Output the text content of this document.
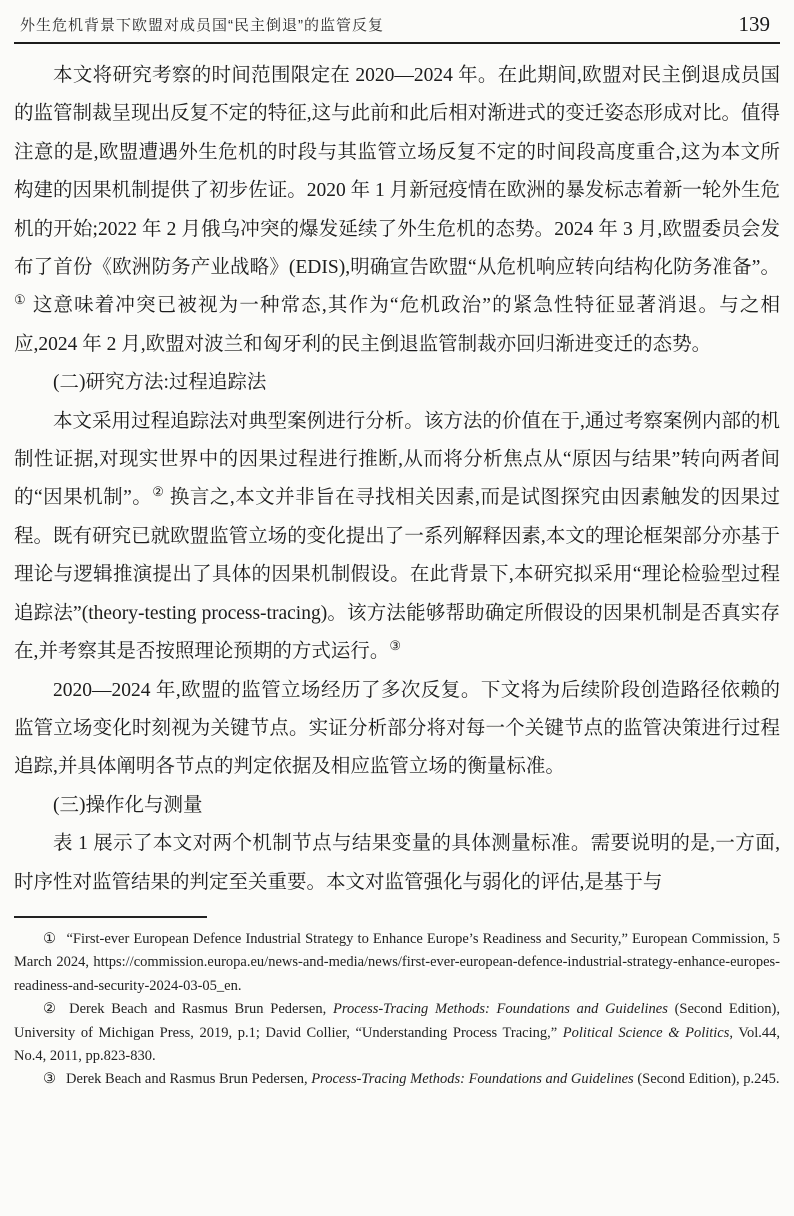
外生危机背景下欧盟对成员国“民主倒退”的监管反复	139

本文将研究考察的时间范围限定在 2020—2024 年。在此期间,欧盟对民主倒退成员国的监管制裁呈现出反复不定的特征,这与此前和此后相对渐进式的变迁姿态形成对比。值得注意的是,欧盟遭遇外生危机的时段与其监管立场反复不定的时间段高度重合,这为本文所构建的因果机制提供了初步佐证。2020 年 1 月新冠疫情在欧洲的暴发标志着新一轮外生危机的开始;2022 年 2 月俄乌冲突的爆发延续了外生危机的态势。2024 年 3 月,欧盟委员会发布了首份《欧洲防务产业战略》(EDIS),明确宣告欧盟“从危机响应转向结构化防务准备”。① 这意味着冲突已被视为一种常态,其作为“危机政治”的紧急性特征显著消退。与之相应,2024 年 2 月,欧盟对波兰和匈牙利的民主倒退监管制裁亦回归渐进变迁的态势。

(二)研究方法:过程追踪法

本文采用过程追踪法对典型案例进行分析。该方法的价值在于,通过考察案例内部的机制性证据,对现实世界中的因果过程进行推断,从而将分析焦点从“原因与结果”转向两者间的“因果机制”。② 换言之,本文并非旨在寻找相关因素,而是试图探究由因素触发的因果过程。既有研究已就欧盟监管立场的变化提出了一系列解释因素,本文的理论框架部分亦基于理论与逻辑推演提出了具体的因果机制假设。在此背景下,本研究拟采用“理论检验型过程追踪法”(theory-testing process-tracing)。该方法能够帮助确定所假设的因果机制是否真实存在,并考察其是否按照理论预期的方式运行。③

2020—2024 年,欧盟的监管立场经历了多次反复。下文将为后续阶段创造路径依赖的监管立场变化时刻视为关键节点。实证分析部分将对每一个关键节点的监管决策进行过程追踪,并具体阐明各节点的判定依据及相应监管立场的衡量标准。

(三)操作化与测量

表 1 展示了本文对两个机制节点与结果变量的具体测量标准。需要说明的是,一方面,时序性对监管结果的判定至关重要。本文对监管强化与弱化的评估,是基于与

① “First-ever European Defence Industrial Strategy to Enhance Europe’s Readiness and Security,” European Commission, 5 March 2024, https://commission.europa.eu/news-and-media/news/first-ever-european-defence-industrial-strategy-enhance-europes-readiness-and-security-2024-03-05_en.

② Derek Beach and Rasmus Brun Pedersen, Process-Tracing Methods: Foundations and Guidelines (Second Edition), University of Michigan Press, 2019, p.1; David Collier, “Understanding Process Tracing,” Political Science & Politics, Vol.44, No.4, 2011, pp.823-830.

③ Derek Beach and Rasmus Brun Pedersen, Process-Tracing Methods: Foundations and Guidelines (Second Edition), p.245.
